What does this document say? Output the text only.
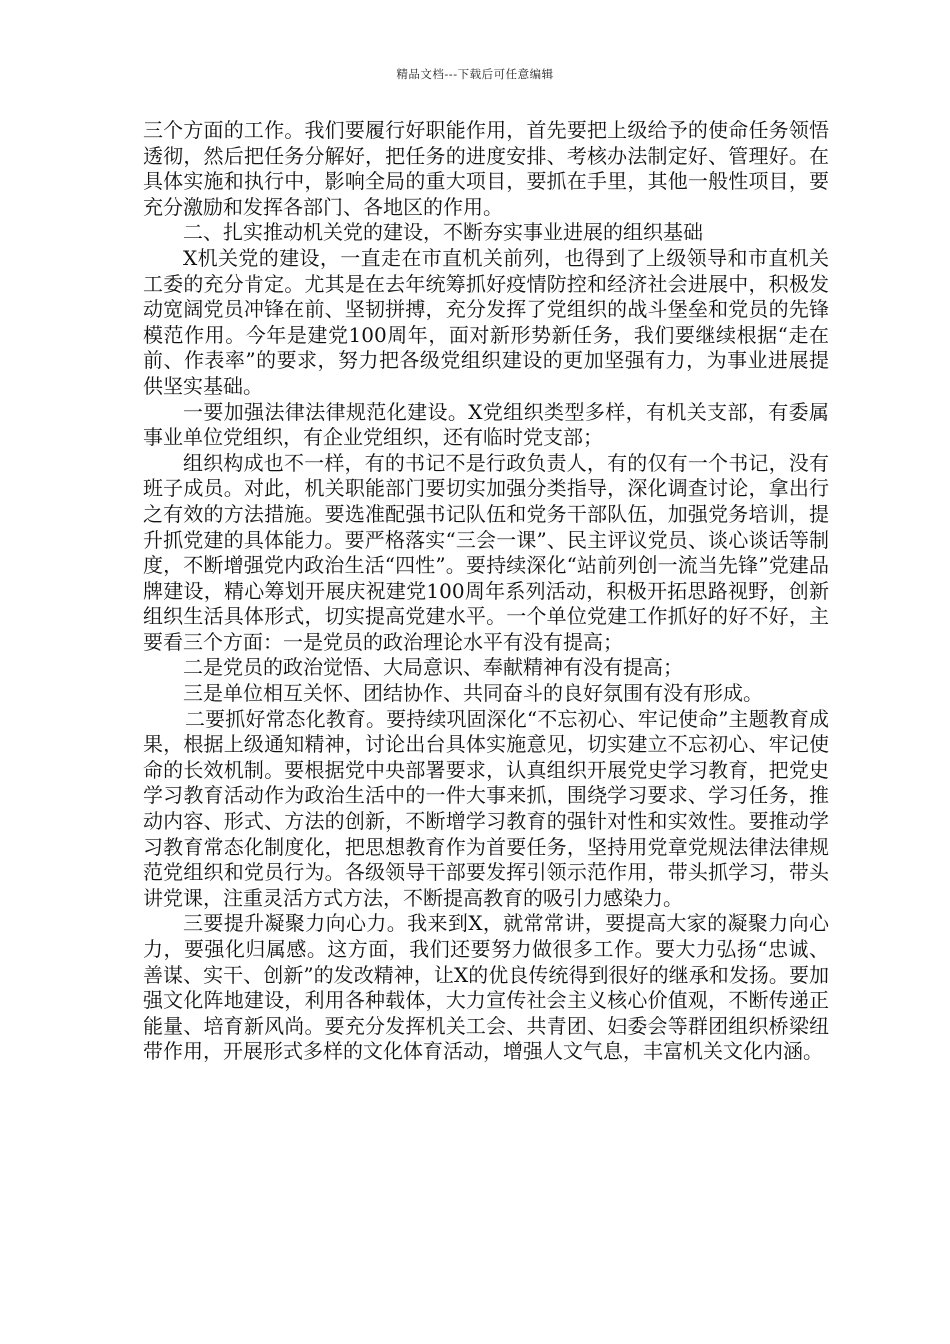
精品文档---下载后可任意编辑

三个方面的工作。我们要履行好职能作用，首先要把上级给予的使命任务领悟透彻，然后把任务分解好，把任务的进度安排、考核办法制定好、管理好。在具体实施和执行中，影响全局的重大项目，要抓在手里，其他一般性项目，要充分激励和发挥各部门、各地区的作用。

二、扎实推动机关党的建设，不断夯实事业进展的组织基础

X机关党的建设，一直走在市直机关前列，也得到了上级领导和市直机关工委的充分肯定。尤其是在去年统筹抓好疫情防控和经济社会进展中，积极发动宽阔党员冲锋在前、坚韧拼搏，充分发挥了党组织的战斗堡垒和党员的先锋模范作用。今年是建党100周年，面对新形势新任务，我们要继续根据“走在前、作表率”的要求，努力把各级党组织建设的更加坚强有力，为事业进展提供坚实基础。

一要加强法律法律规范化建设。X党组织类型多样，有机关支部，有委属事业单位党组织，有企业党组织，还有临时党支部；

组织构成也不一样，有的书记不是行政负责人，有的仅有一个书记，没有班子成员。对此，机关职能部门要切实加强分类指导，深化调查讨论，拿出行之有效的方法措施。要选准配强书记队伍和党务干部队伍，加强党务培训，提升抓党建的具体能力。要严格落实“三会一课”、民主评议党员、谈心谈话等制度，不断增强党内政治生活“四性”。要持续深化“站前列创一流当先锋”党建品牌建设，精心筹划开展庆祝建党100周年系列活动，积极开拓思路视野，创新组织生活具体形式，切实提高党建水平。一个单位党建工作抓好的好不好，主要看三个方面：一是党员的政治理论水平有没有提高；

二是党员的政治觉悟、大局意识、奉献精神有没有提高；

三是单位相互关怀、团结协作、共同奋斗的良好氛围有没有形成。

二要抓好常态化教育。要持续巩固深化“不忘初心、牢记使命”主题教育成果，根据上级通知精神，讨论出台具体实施意见，切实建立不忘初心、牢记使命的长效机制。要根据党中央部署要求，认真组织开展党史学习教育，把党史学习教育活动作为政治生活中的一件大事来抓，围绕学习要求、学习任务，推动内容、形式、方法的创新，不断增学习教育的强针对性和实效性。要推动学习教育常态化制度化，把思想教育作为首要任务，坚持用党章党规法律法律规范党组织和党员行为。各级领导干部要发挥引领示范作用，带头抓学习，带头讲党课，注重灵活方式方法，不断提高教育的吸引力感染力。

三要提升凝聚力向心力。我来到X，就常常讲，要提高大家的凝聚力向心力，要强化归属感。这方面，我们还要努力做很多工作。要大力弘扬“忠诚、善谋、实干、创新”的发改精神，让X的优良传统得到很好的继承和发扬。要加强文化阵地建设，利用各种载体，大力宣传社会主义核心价值观，不断传递正能量、培育新风尚。要充分发挥机关工会、共青团、妇委会等群团组织桥梁纽带作用，开展形式多样的文化体育活动，增强人文气息，丰富机关文化内涵。
